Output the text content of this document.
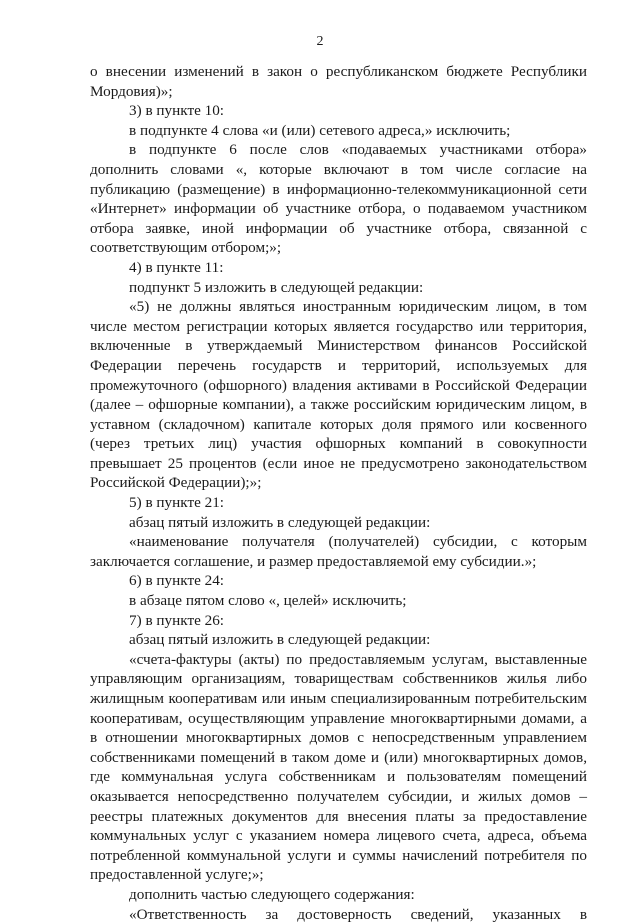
2

о внесении изменений в закон о республиканском бюджете Республики Мордовия)»;

3) в пункте 10:

в подпункте 4 слова «и (или) сетевого адреса,» исключить;

в подпункте 6 после слов «подаваемых участниками отбора» дополнить словами «, которые включают в том числе согласие на публикацию (размещение) в информационно-телекоммуникационной сети «Интернет» информации об участнике отбора, о подаваемом участником отбора заявке, иной информации об участнике отбора, связанной с соответствующим отбором;»;

4) в пункте 11:

подпункт 5 изложить в следующей редакции:

«5) не должны являться иностранным юридическим лицом, в том числе местом регистрации которых является государство или территория, включенные в утверждаемый Министерством финансов Российской Федерации перечень государств и территорий, используемых для промежуточного (офшорного) владения активами в Российской Федерации (далее – офшорные компании), а также российским юридическим лицом, в уставном (складочном) капитале которых доля прямого или косвенного (через третьих лиц) участия офшорных компаний в совокупности превышает 25 процентов (если иное не предусмотрено законодательством Российской Федерации);»;

5) в пункте 21:

абзац пятый изложить в следующей редакции:

«наименование получателя (получателей) субсидии, с которым заключается соглашение, и размер предоставляемой ему субсидии.»;

6) в пункте 24:

в абзаце пятом слово «, целей» исключить;

7) в пункте 26:

абзац пятый изложить в следующей редакции:

«счета-фактуры (акты) по предоставляемым услугам, выставленные управляющим организациям, товариществам собственников жилья либо жилищным кооперативам или иным специализированным потребительским кооперативам, осуществляющим управление многоквартирными домами, а в отношении многоквартирных домов с непосредственным управлением собственниками помещений в таком доме и (или) многоквартирных домов, где коммунальная услуга собственникам и пользователям помещений оказывается непосредственно получателем субсидии, и жилых домов – реестры платежных документов для внесения платы за предоставление коммунальных услуг с указанием номера лицевого счета, адреса, объема потребленной коммунальной услуги и суммы начислений потребителя по предоставленной услуге;»;

дополнить частью следующего содержания:

«Ответственность за достоверность сведений, указанных в
